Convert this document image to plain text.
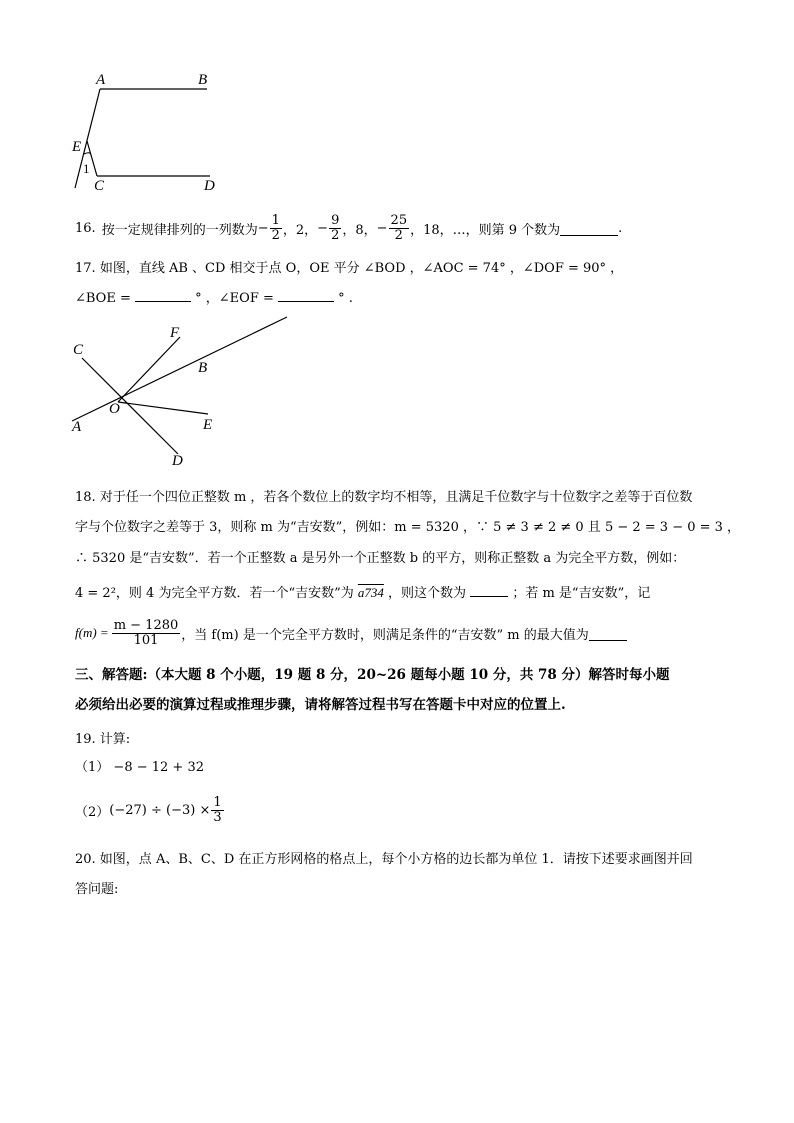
A	B
E
1
C	D
16. 按一定规律排列的一列数为 − $\frac{1}{2}$ ，2， − $\frac{9}{2}$ ，8， − $\frac{25}{2}$ ，18，…，则第 9 个数为	.
17. 如图，直线 AB 、CD 相交于点 O，OE 平分 ∠BOD ，∠AOC = 74° ，∠DOF = 90° ，
∠BOE =	° ，∠EOF =	° .
C
F
B
O
A	E
D
18. 对于任一个四位正整数 m ，若各个数位上的数字均不相等，且满足千位数字与十位数字之差等于百位数
字与个位数字之差等于 3，则称 m 为“吉安数”，例如：m = 5320 ，∵ 5 ≠ 3 ≠ 2 ≠ 0 且 5 − 2 = 3 − 0 = 3 ，
∴ 5320 是“吉安数”．若一个正整数 a 是另外一个正整数 b 的平方，则称正整数 a 为完全平方数，例如：
4 = 2²，则 4 为完全平方数．若一个“吉安数”为 a734 ，则这个数为	；若 m 是“吉安数”，记
$f(m) = \frac{m - 1280}{101}$ ，当 f(m) 是一个完全平方数时，则满足条件的“吉安数” m 的最大值为
三、解答题:（本大题 8 个小题，19 题 8 分，20~26 题每小题 10 分，共 78 分）解答时每小题
必须给出必要的演算过程或推理步骤，请将解答过程书写在答题卡中对应的位置上.
19. 计算:
（1） −8 − 12 + 32
（2） $(-27) \div (-3) \times \frac{1}{3}$
20. 如图，点 A、B、C、D 在正方形网格的格点上，每个小方格的边长都为单位 1．请按下述要求画图并回
答问题:
